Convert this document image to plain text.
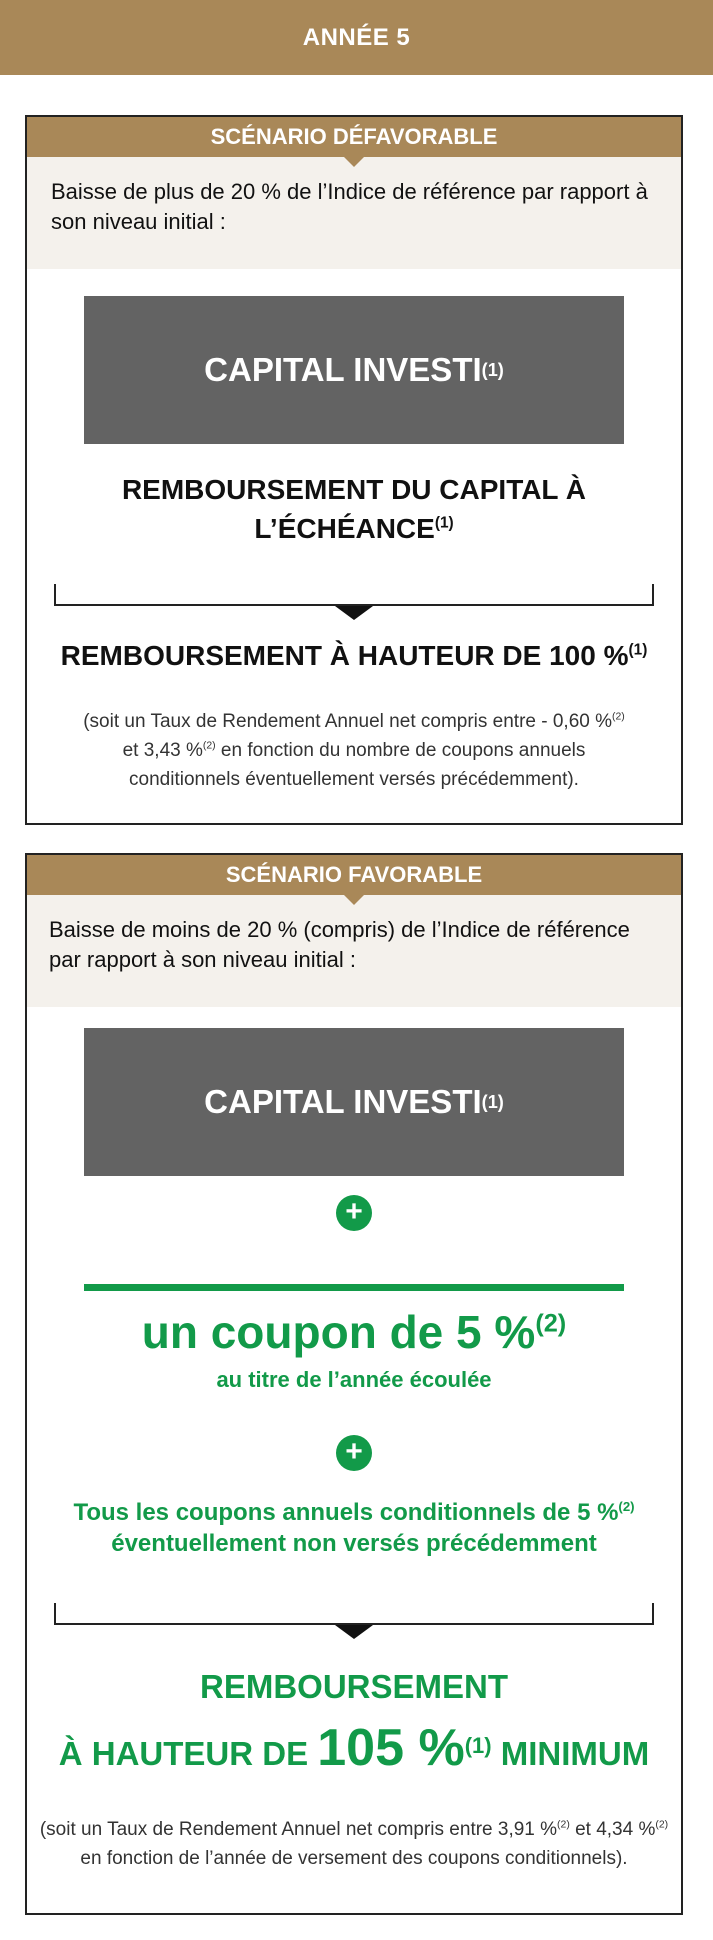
ANNÉE 5
SCÉNARIO DÉFAVORABLE
Baisse de plus de 20 % de l’Indice de référence par rapport à son niveau initial :
CAPITAL INVESTI (1)
REMBOURSEMENT DU CAPITAL À
L’ÉCHÉANCE$^{(1)}$
REMBOURSEMENT À HAUTEUR DE 100 %$^{(1)}$
(soit un Taux de Rendement Annuel net compris entre - 0,60 %$^{(2)}$
et 3,43 %$^{(2)}$ en fonction du nombre de coupons annuels
conditionnels éventuellement versés précédemment).
SCÉNARIO FAVORABLE
Baisse de moins de 20 % (compris) de l’Indice de référence par rapport à son niveau initial :
CAPITAL INVESTI (1)
+
un coupon de 5 %$^{(2)}$
au titre de l’année écoulée
+
Tous les coupons annuels conditionnels de 5 %$^{(2)}$
éventuellement non versés précédemment
REMBOURSEMENT
À HAUTEUR DE 105 %$^{(1)}$ MINIMUM
(soit un Taux de Rendement Annuel net compris entre 3,91 %$^{(2)}$ et 4,34 %$^{(2)}$
en fonction de l’année de versement des coupons conditionnels).
